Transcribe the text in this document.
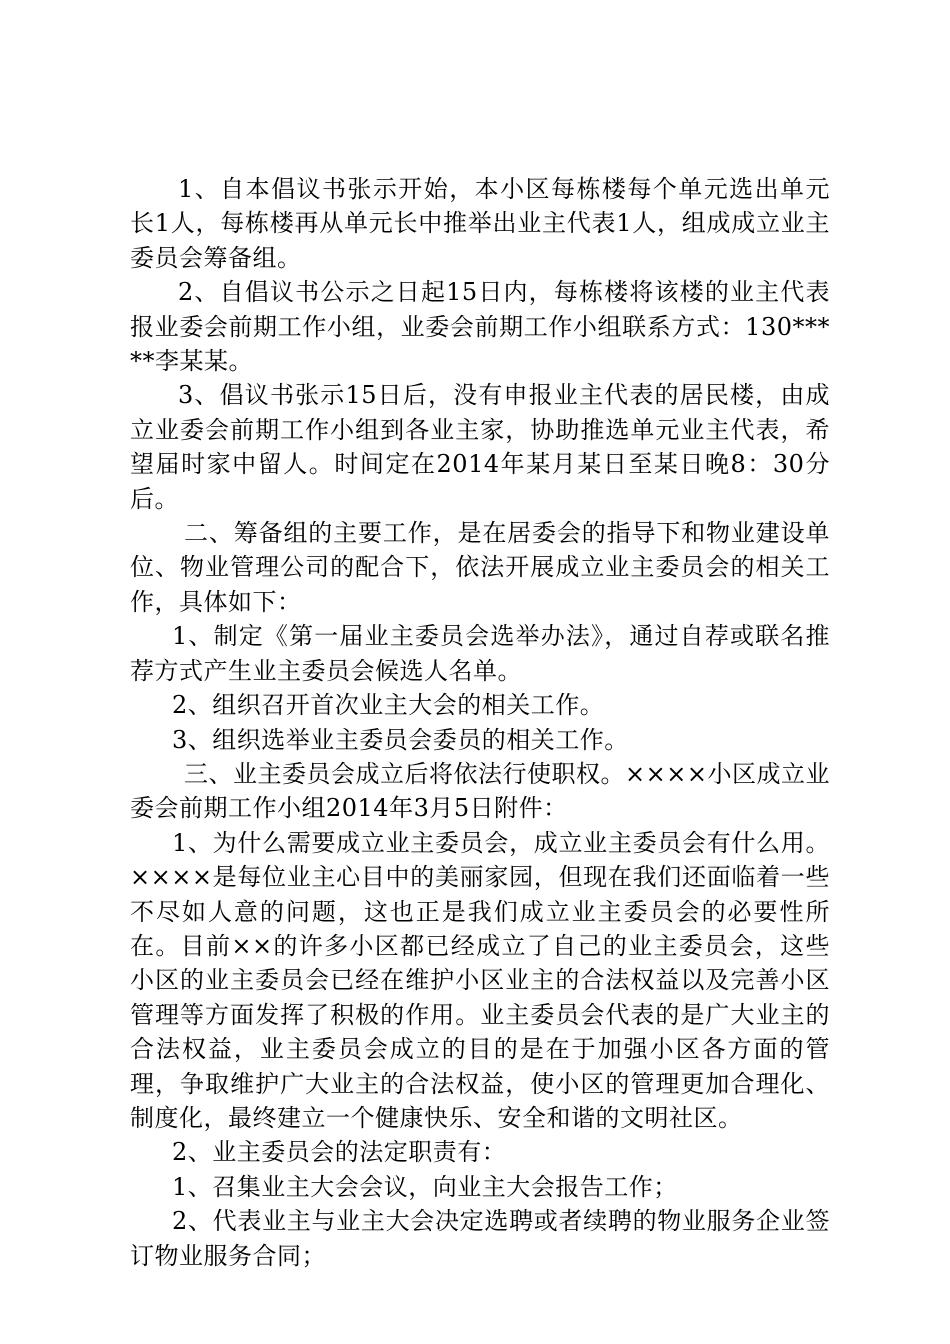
1、自本倡议书张示开始，本小区每栋楼每个单元选出单元长1人，每栋楼再从单元长中推举出业主代表1人，组成成立业主委员会筹备组。

2、自倡议书公示之日起15日内，每栋楼将该楼的业主代表报业委会前期工作小组，业委会前期工作小组联系方式：130*****李某某。

3、倡议书张示15日后，没有申报业主代表的居民楼，由成立业委会前期工作小组到各业主家，协助推选单元业主代表，希望届时家中留人。时间定在2014年某月某日至某日晚8：30分后。

二、筹备组的主要工作，是在居委会的指导下和物业建设单位、物业管理公司的配合下，依法开展成立业主委员会的相关工作，具体如下：

1、制定《第一届业主委员会选举办法》，通过自荐或联名推荐方式产生业主委员会候选人名单。

2、组织召开首次业主大会的相关工作。

3、组织选举业主委员会委员的相关工作。

三、业主委员会成立后将依法行使职权。××××小区成立业委会前期工作小组2014年3月5日附件：

1、为什么需要成立业主委员会，成立业主委员会有什么用。××××是每位业主心目中的美丽家园，但现在我们还面临着一些不尽如人意的问题，这也正是我们成立业主委员会的必要性所在。目前××的许多小区都已经成立了自己的业主委员会，这些小区的业主委员会已经在维护小区业主的合法权益以及完善小区管理等方面发挥了积极的作用。业主委员会代表的是广大业主的合法权益，业主委员会成立的目的是在于加强小区各方面的管理，争取维护广大业主的合法权益，使小区的管理更加合理化、制度化，最终建立一个健康快乐、安全和谐的文明社区。

2、业主委员会的法定职责有：

1、召集业主大会会议，向业主大会报告工作；

2、代表业主与业主大会决定选聘或者续聘的物业服务企业签订物业服务合同；
